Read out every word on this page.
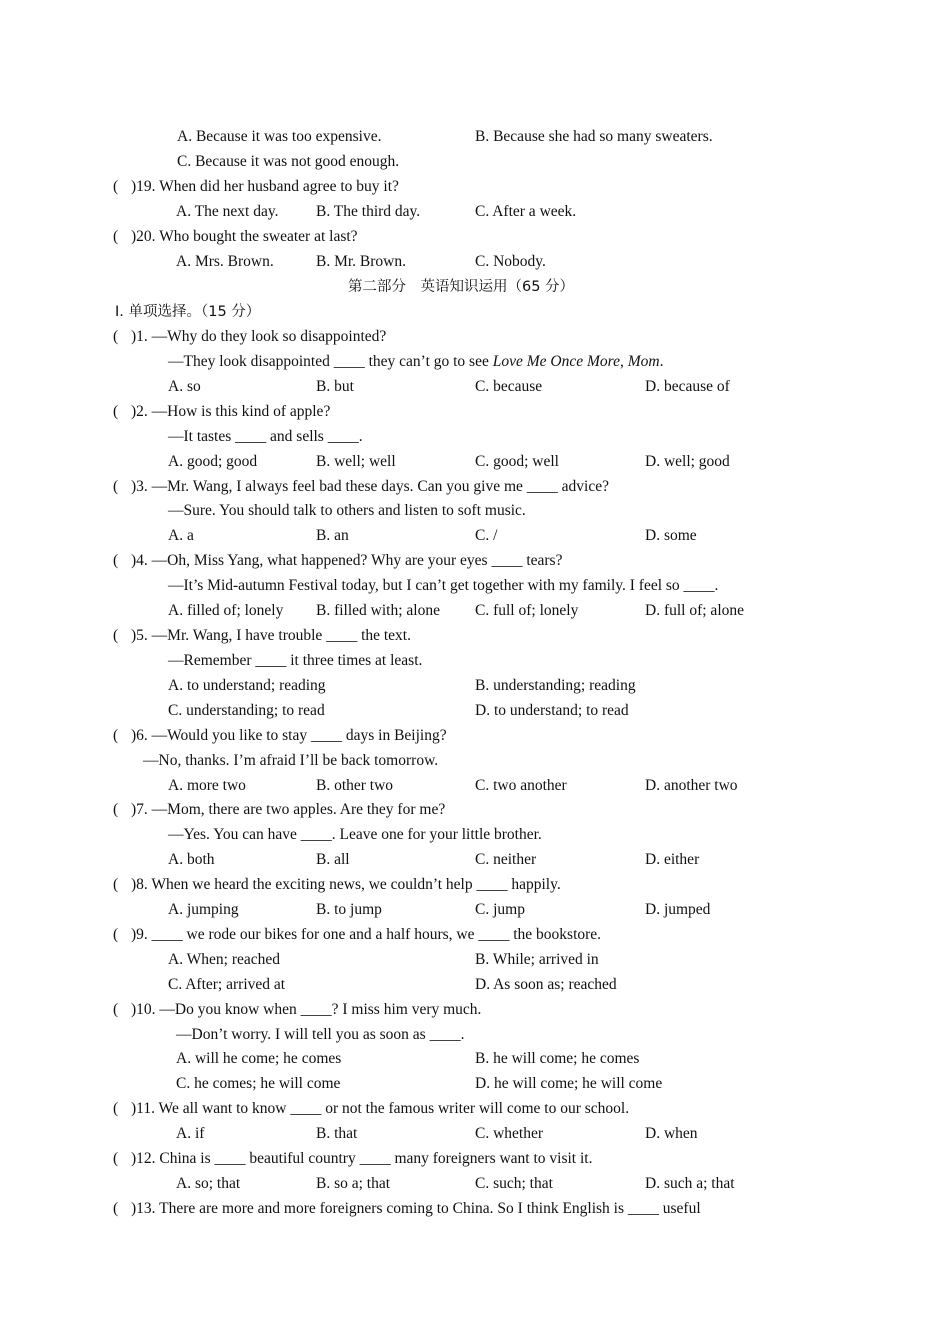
A. Because it was too expensive.	B. Because she had so many sweaters.
C. Because it was not good enough.
( )19. When did her husband agree to buy it?
A. The next day. B. The third day.	C. After a week.
( )20. Who bought the sweater at last?
A. Mrs. Brown.	B. Mr. Brown.	C. Nobody.
第二部分　英语知识运用（65 分）
Ⅰ. 单项选择。（15 分）
( )1. —Why do they look so disappointed?
—They look disappointed ____ they can’t go to see Love Me Once More, Mom.
A. so	B. but	C. because	D. because of
( )2. —How is this kind of apple?
—It tastes ____ and sells ____.
A. good; good	B. well; well	C. good; well	D. well; good
( )3. —Mr. Wang, I always feel bad these days. Can you give me ____ advice?
—Sure. You should talk to others and listen to soft music.
A. a	B. an	C. /	D. some
( )4. —Oh, Miss Yang, what happened? Why are your eyes ____ tears?
—It’s Mid-autumn Festival today, but I can’t get together with my family. I feel so ____.
A. filled of; lonely B. filled with; alone C. full of; lonely	D. full of; alone
( )5. —Mr. Wang, I have trouble ____ the text.
—Remember ____ it three times at least.
A. to understand; reading	B. understanding; reading
C. understanding; to read	D. to understand; to read
( )6. —Would you like to stay ____ days in Beijing?
—No, thanks. I’m afraid I’ll be back tomorrow.
A. more two	B. other two	C. two another	D. another two
( )7. —Mom, there are two apples. Are they for me?
—Yes. You can have ____. Leave one for your little brother.
A. both	B. all	C. neither	D. either
( )8. When we heard the exciting news, we couldn’t help ____ happily.
A. jumping	B. to jump	C. jump	D. jumped
( )9. ____ we rode our bikes for one and a half hours, we ____ the bookstore.
A. When; reached	B. While; arrived in
C. After; arrived at	D. As soon as; reached
( )10. —Do you know when ____? I miss him very much.
—Don’t worry. I will tell you as soon as ____.
A. will he come; he comes	B. he will come; he comes
C. he comes; he will come	D. he will come; he will come
( )11. We all want to know ____ or not the famous writer will come to our school.
A. if	B. that	C. whether	D. when
( )12. China is ____ beautiful country ____ many foreigners want to visit it.
A. so; that	B. so a; that	C. such; that	D. such a; that
( )13. There are more and more foreigners coming to China. So I think English is ____ useful
